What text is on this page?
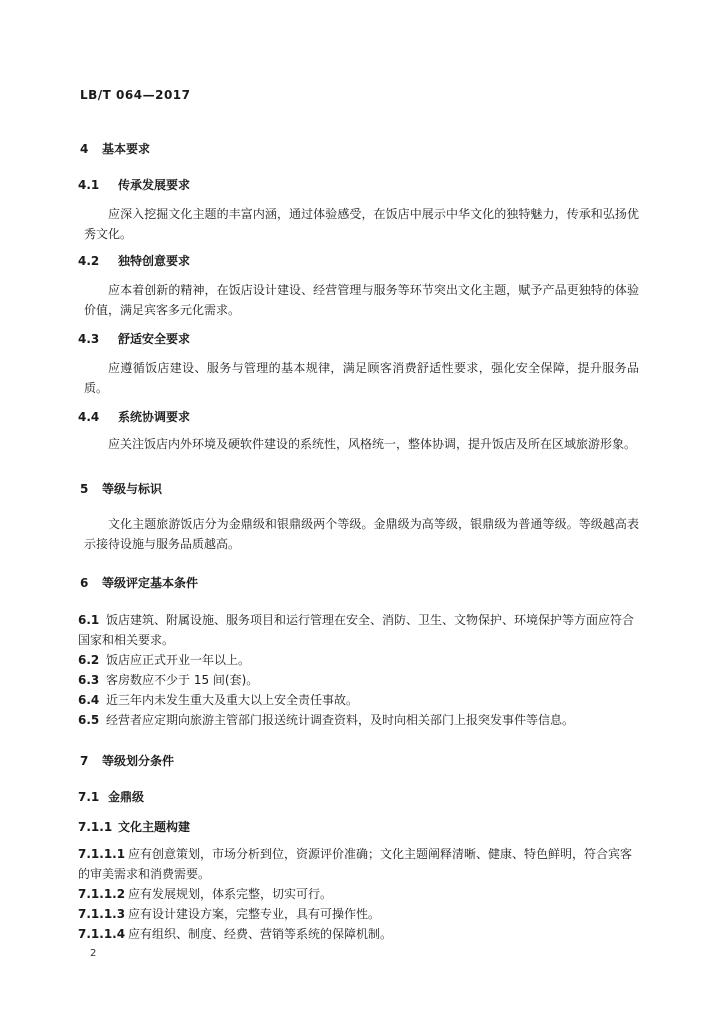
LB/T 064—2017
4 基本要求
4.1 传承发展要求
应深入挖掘文化主题的丰富内涵，通过体验感受，在饭店中展示中华文化的独特魅力，传承和弘扬优秀文化。
4.2 独特创意要求
应本着创新的精神，在饭店设计建设、经营管理与服务等环节突出文化主题，赋予产品更独特的体验价值，满足宾客多元化需求。
4.3 舒适安全要求
应遵循饭店建设、服务与管理的基本规律，满足顾客消费舒适性要求，强化安全保障，提升服务品质。
4.4 系统协调要求
应关注饭店内外环境及硬软件建设的系统性，风格统一，整体协调，提升饭店及所在区域旅游形象。
5 等级与标识
文化主题旅游饭店分为金鼎级和银鼎级两个等级。金鼎级为高等级，银鼎级为普通等级。等级越高表示接待设施与服务品质越高。
6 等级评定基本条件
6.1 饭店建筑、附属设施、服务项目和运行管理在安全、消防、卫生、文物保护、环境保护等方面应符合国家和相关要求。
6.2 饭店应正式开业一年以上。
6.3 客房数应不少于 15 间(套)。
6.4 近三年内未发生重大及重大以上安全责任事故。
6.5 经营者应定期向旅游主管部门报送统计调查资料，及时向相关部门上报突发事件等信息。
7 等级划分条件
7.1 金鼎级
7.1.1 文化主题构建
7.1.1.1 应有创意策划，市场分析到位，资源评价准确；文化主题阐释清晰、健康、特色鲜明，符合宾客的审美需求和消费需要。
7.1.1.2 应有发展规划，体系完整，切实可行。
7.1.1.3 应有设计建设方案，完整专业，具有可操作性。
7.1.1.4 应有组织、制度、经费、营销等系统的保障机制。
2
